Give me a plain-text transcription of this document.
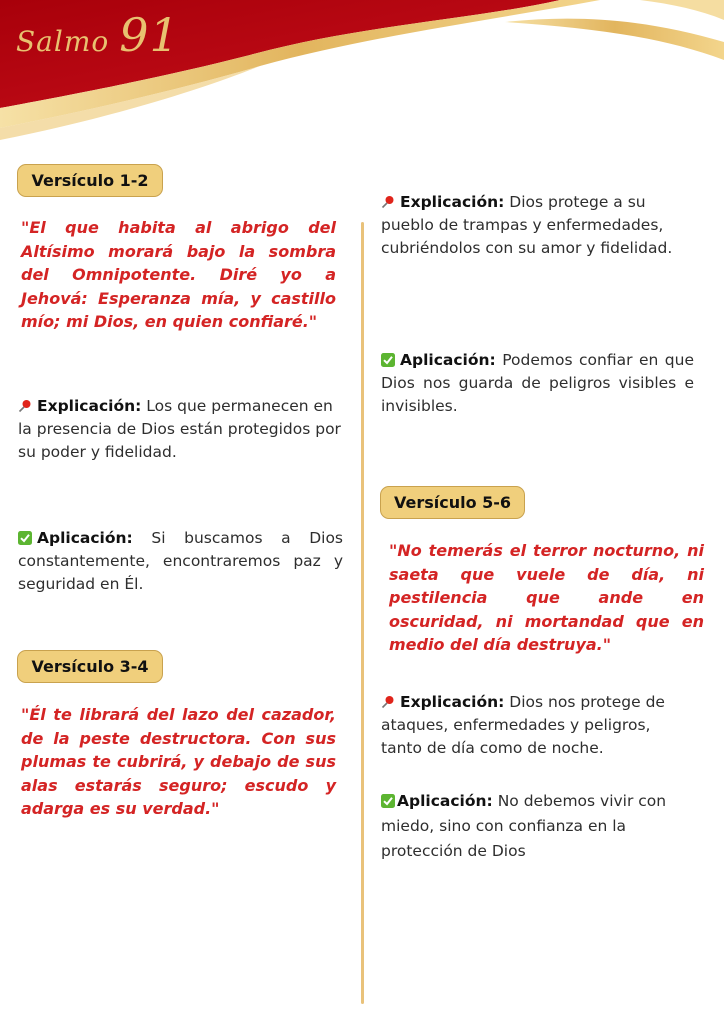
Salmo 91
Versículo 1-2
"El que habita al abrigo del Altísimo morará bajo la sombra del Omnipotente. Diré yo a Jehová: Esperanza mía, y castillo mío; mi Dios, en quien confiaré."
Explicación: Los que permanecen en la presencia de Dios están protegidos por su poder y fidelidad.
Aplicación: Si buscamos a Dios constantemente, encontraremos paz y seguridad en Él.
Versículo 3-4
"Él te librará del lazo del cazador, de la peste destructora. Con sus plumas te cubrirá, y debajo de sus alas estarás seguro; escudo y adarga es su verdad."
Explicación: Dios protege a su pueblo de trampas y enfermedades, cubriéndolos con su amor y fidelidad.
Aplicación: Podemos confiar en que Dios nos guarda de peligros visibles e invisibles.
Versículo 5-6
"No temerás el terror nocturno, ni saeta que vuele de día, ni pestilencia que ande en oscuridad, ni mortandad que en medio del día destruya."
Explicación: Dios nos protege de ataques, enfermedades y peligros, tanto de día como de noche.
Aplicación: No debemos vivir con miedo, sino con confianza en la protección de Dios
